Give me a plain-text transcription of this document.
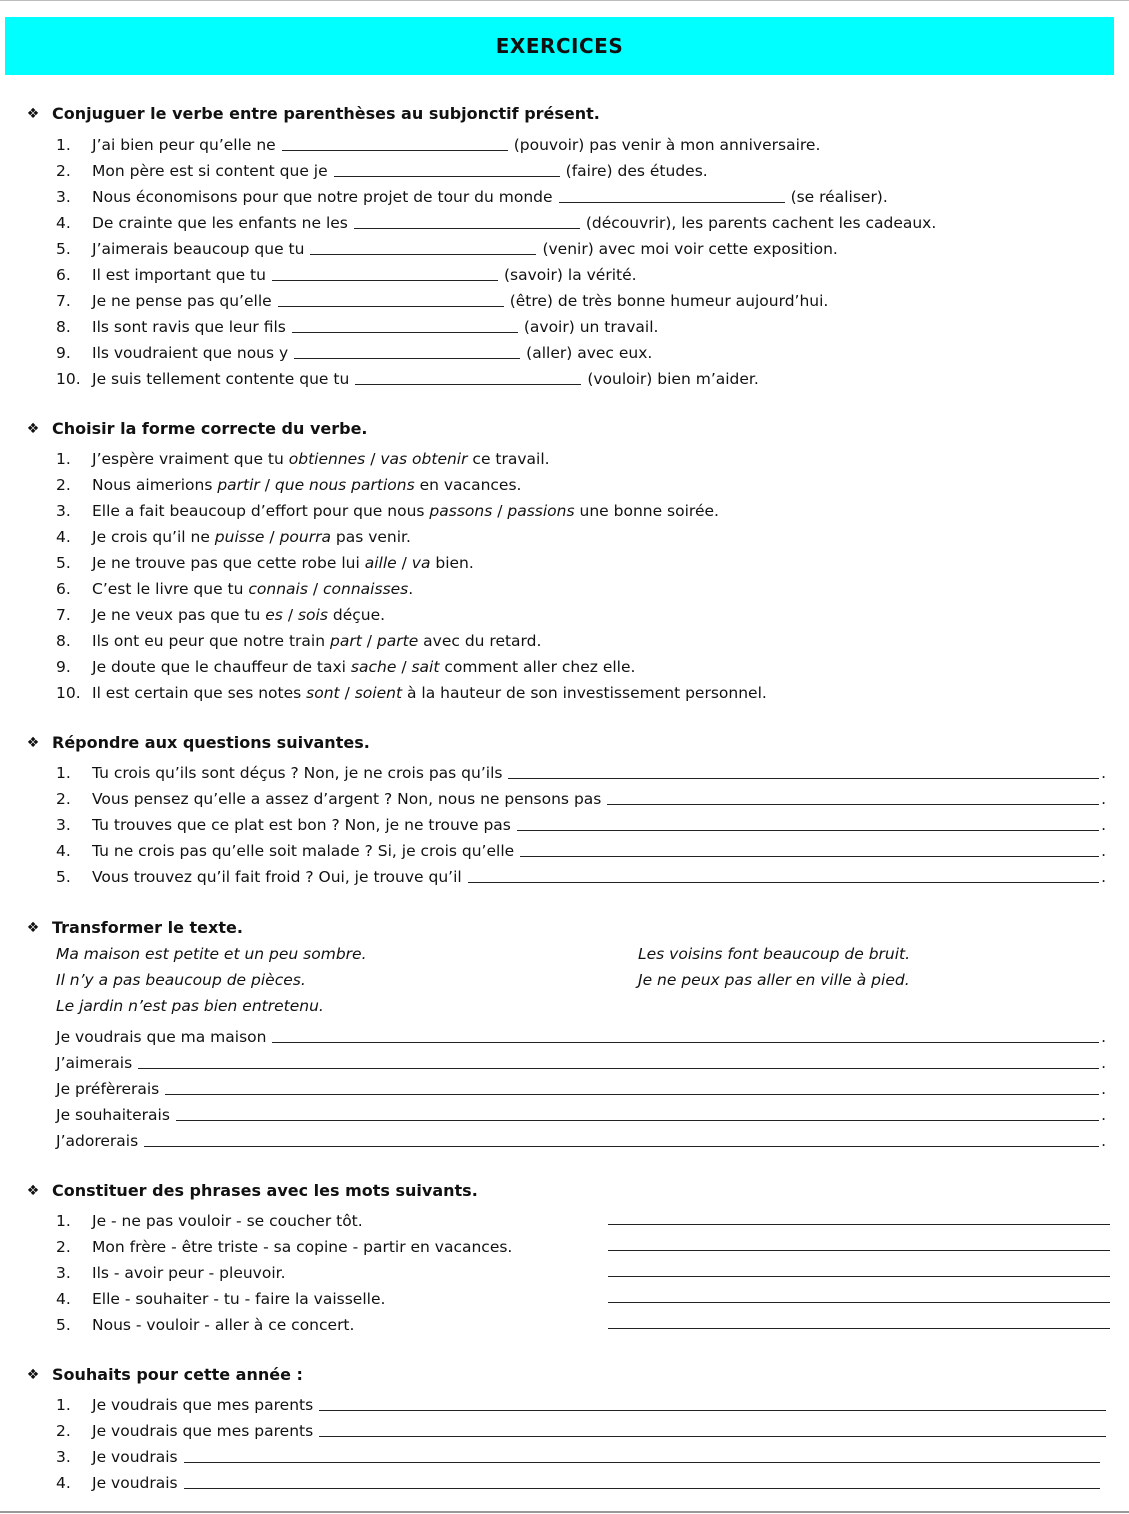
EXERCICES
❖ Conjuguer le verbe entre parenthèses au subjonctif présent.
1.	J’ai bien peur qu’elle ne	(pouvoir) pas venir à mon anniversaire.
2.	Mon père est si content que je	(faire) des études.
3.	Nous économisons pour que notre projet de tour du monde	(se réaliser).
4.	De crainte que les enfants ne les	(découvrir), les parents cachent les cadeaux.
5.	J’aimerais beaucoup que tu	(venir) avec moi voir cette exposition.
6.	Il est important que tu	(savoir) la vérité.
7.	Je ne pense pas qu’elle	(être) de très bonne humeur aujourd’hui.
8.	Ils sont ravis que leur fils	(avoir) un travail.
9.	Ils voudraient que nous y	(aller) avec eux.
10. Je suis tellement contente que tu	(vouloir) bien m’aider.
❖ Choisir la forme correcte du verbe.
1.	J’espère vraiment que tu obtiennes
/
vas obtenir ce travail.
2.	Nous aimerions partir
/
que nous partions en vacances.
3.	Elle a fait beaucoup d’effort pour que nous passons
/
passions une bonne soirée.
4.	Je crois qu’il ne puisse
/
pourra pas venir.
5.	Je ne trouve pas que cette robe lui aille
/
va bien.
6.	C’est le livre que tu connais
/
connaisses .
7.	Je ne veux pas que tu es
/
sois déçue.
8.	Ils ont eu peur que notre train part
/
parte avec du retard.
9.	Je doute que le chauffeur de taxi sache
/
sait comment aller chez elle.
10. Il est certain que ses notes sont
/
soient à la hauteur de son investissement personnel.
❖ Répondre aux questions suivantes.
1.	Tu crois qu’ils sont déçus ? Non, je ne crois pas qu’ils	.
2.	Vous pensez qu’elle a assez d’argent ? Non, nous ne pensons pas	.
3.	Tu trouves que ce plat est bon ? Non, je ne trouve pas	.
4.	Tu ne crois pas qu’elle soit malade ? Si, je crois qu’elle	.
5.	Vous trouvez qu’il fait froid ? Oui, je trouve qu’il	.
❖ Transformer le texte.
Ma maison est petite et un peu sombre.
Il n’y a pas beaucoup de pièces.
Le jardin n’est pas bien entretenu.
Les voisins font beaucoup de bruit.
Je ne peux pas aller en ville à pied.
Je voudrais que ma maison	.
J’aimerais	.
Je préfèrerais	.
Je souhaiterais	.
J’adorerais	.
❖ Constituer des phrases avec les mots suivants.
1.	Je - ne pas vouloir - se coucher tôt.
2.	Mon frère - être triste - sa copine - partir en vacances.
3.	Ils - avoir peur - pleuvoir.
4.	Elle - souhaiter - tu - faire la vaisselle.
5.	Nous - vouloir - aller à ce concert.
❖ Souhaits pour cette année :
1.	Je voudrais que mes parents
2.	Je voudrais que mes parents
3.	Je voudrais
4.	Je voudrais
